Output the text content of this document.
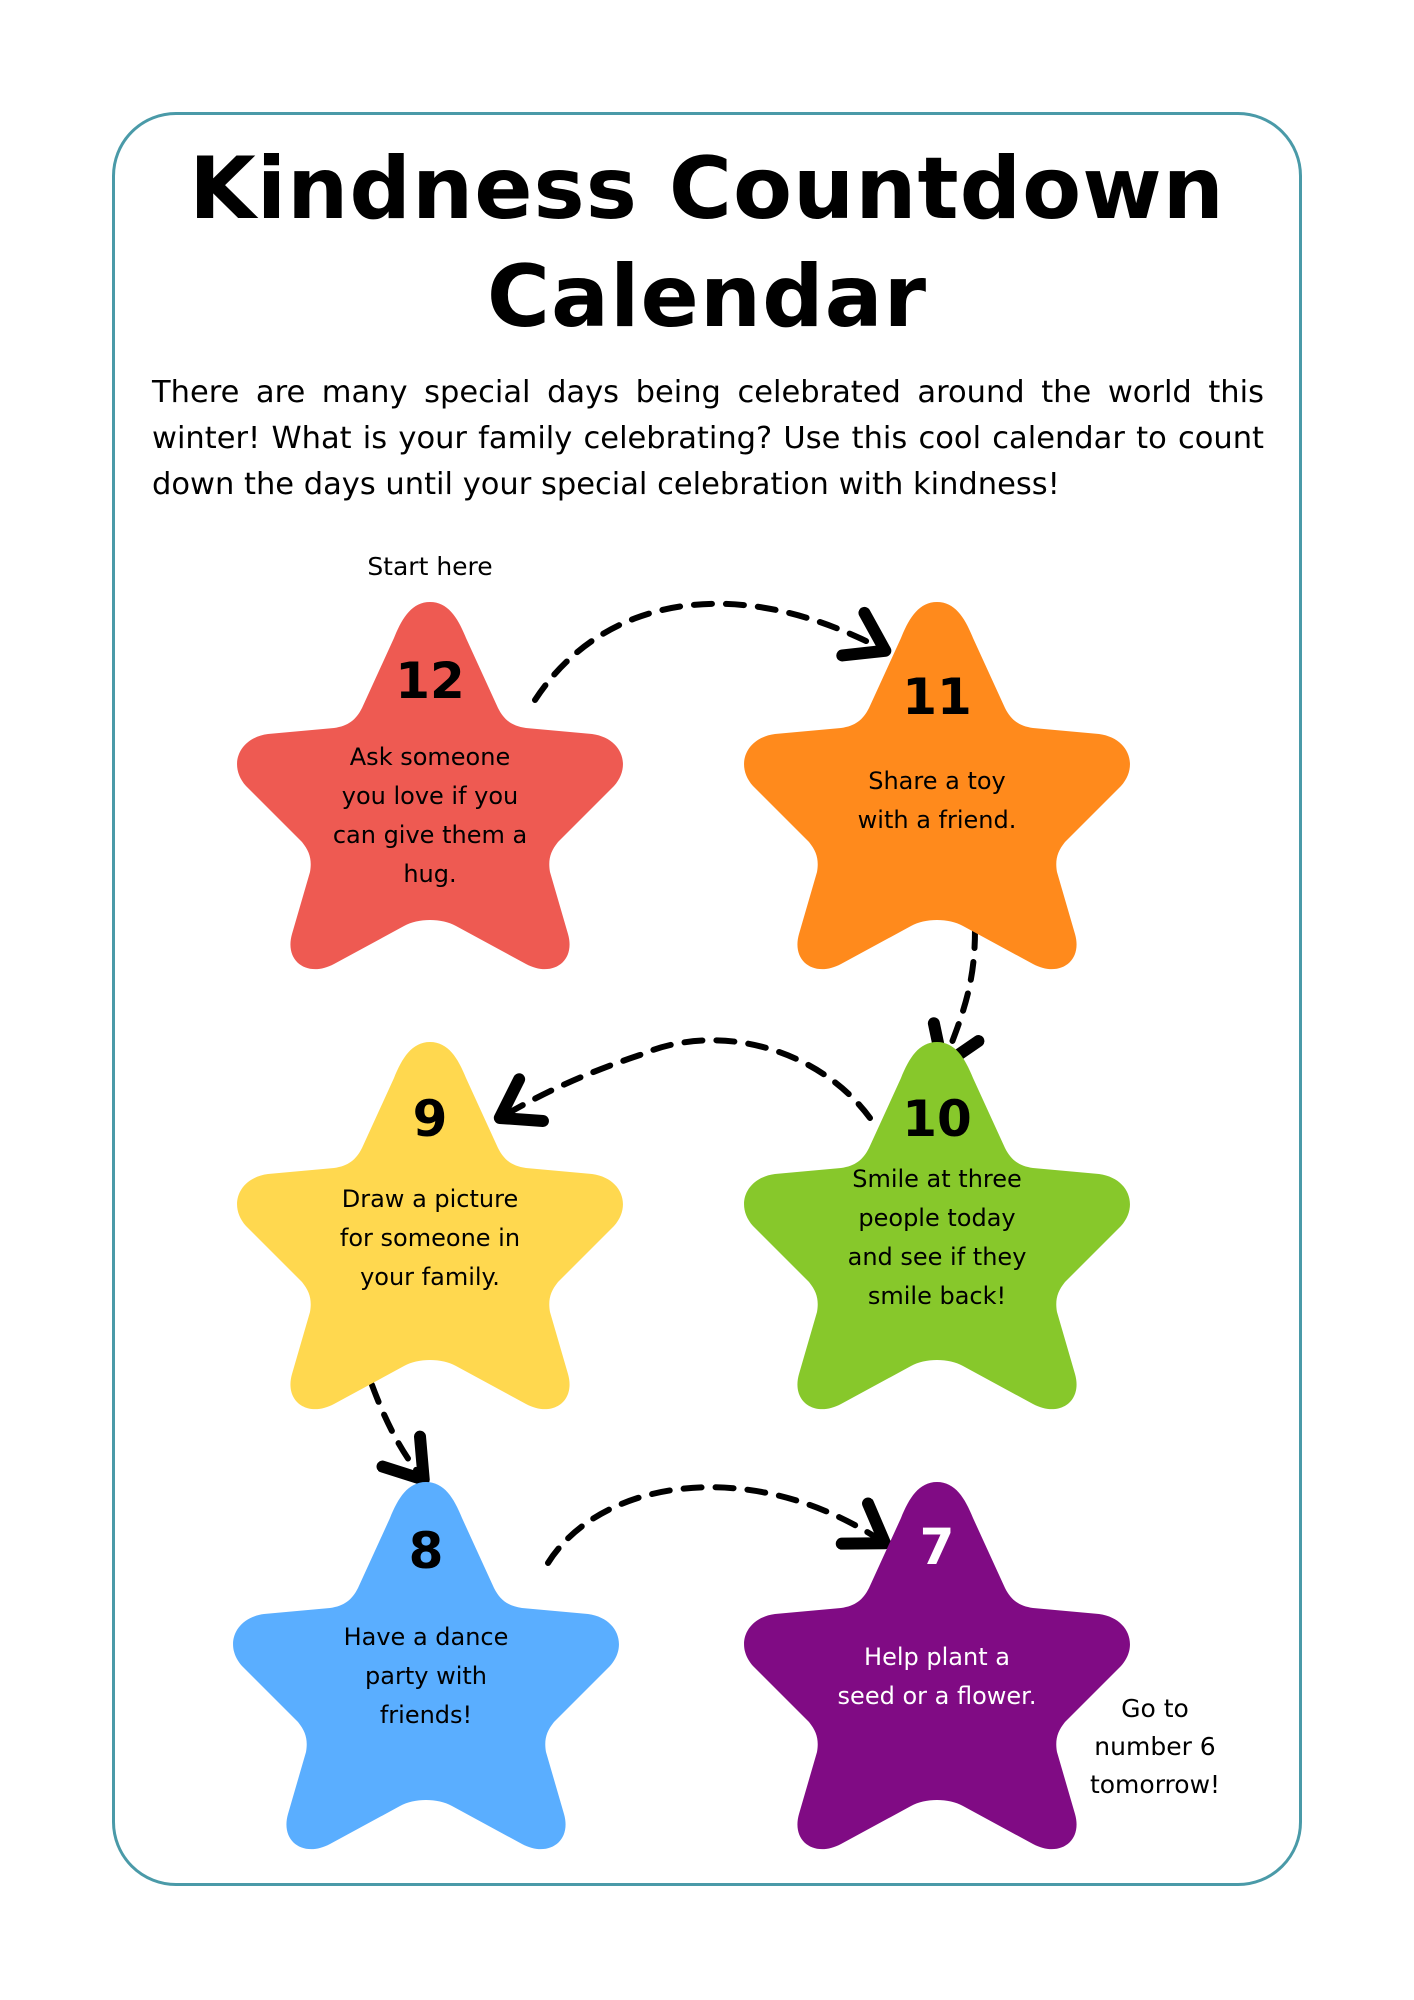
Kindness Countdown
Calendar
There are many special days being celebrated around the world this winter! What is your family celebrating? Use this cool calendar to count down the days until your special celebration with kindness!
Start here
12
Ask someone
you love if you
can give them a
hug.
11
Share a toy
with a friend.
9
Draw a picture
for someone in
your family.
10
Smile at three
people today
and see if they
smile back!
8
Have a dance
party with
friends!
7
Help plant a
seed or a flower.	Go to
number 6
tomorrow!
